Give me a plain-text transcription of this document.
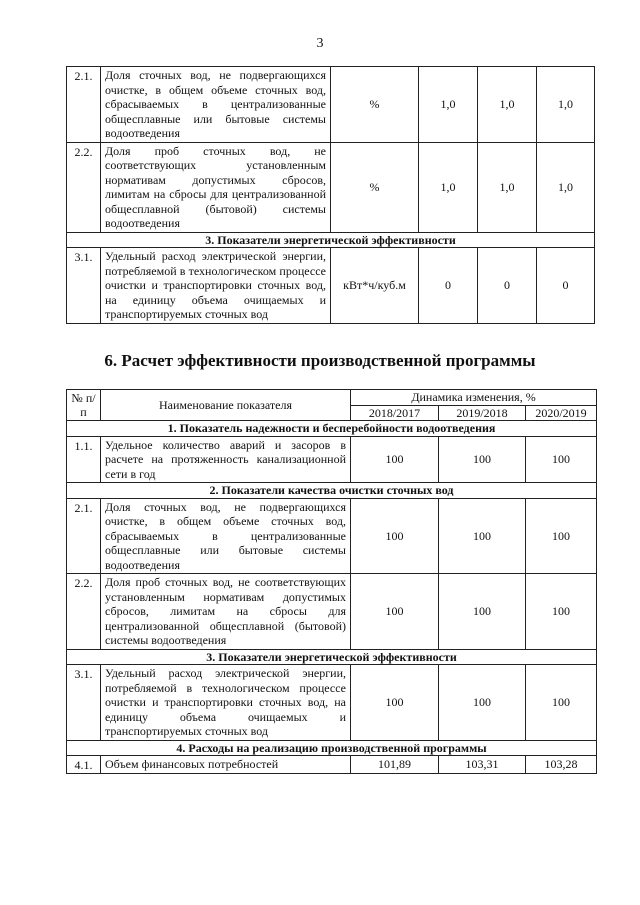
3
2.1.	Доля сточных вод, не подвергающихся очистке, в общем объеме сточных вод, сбрасываемых в централизованные общесплавные или бытовые системы водоотведения	%	1,0	1,0	1,0
2.2.	Доля проб сточных вод, не соответствующих установленным нормативам допустимых сбросов, лимитам на сбросы для централизованной общесплавной (бытовой) системы водоотведения	%	1,0	1,0	1,0
3. Показатели энергетической эффективности					
3.1.	Удельный расход электрической энергии, потребляемой в технологическом процессе очистки и транспортировки сточных вод, на единицу объема очищаемых и транспортируемых сточных вод	кВт*ч/куб.м	0	0	0
6. Расчет эффективности производственной программы
№ п/п	Наименование показателя	Динамика изменения, %		
		2018/2017	2019/2018	2020/2019
1. Показатель надежности и бесперебойности водоотведения				
1.1.	Удельное количество аварий и засоров в расчете на протяженность канализационной сети в год	100	100	100
2. Показатели качества очистки сточных вод				
2.1.	Доля сточных вод, не подвергающихся очистке, в общем объеме сточных вод, сбрасываемых в централизованные общесплавные или бытовые системы водоотведения	100	100	100
2.2.	Доля проб сточных вод, не соответствующих установленным нормативам допустимых сбросов, лимитам на сбросы для централизованной общесплавной (бытовой) системы водоотведения	100	100	100
3. Показатели энергетической эффективности				
3.1.	Удельный расход электрической энергии, потребляемой в технологическом процессе очистки и транспортировки сточных вод, на единицу объема очищаемых и транспортируемых сточных вод	100	100	100
4. Расходы на реализацию производственной программы				
4.1.	Объем финансовых потребностей	101,89	103,31	103,28
